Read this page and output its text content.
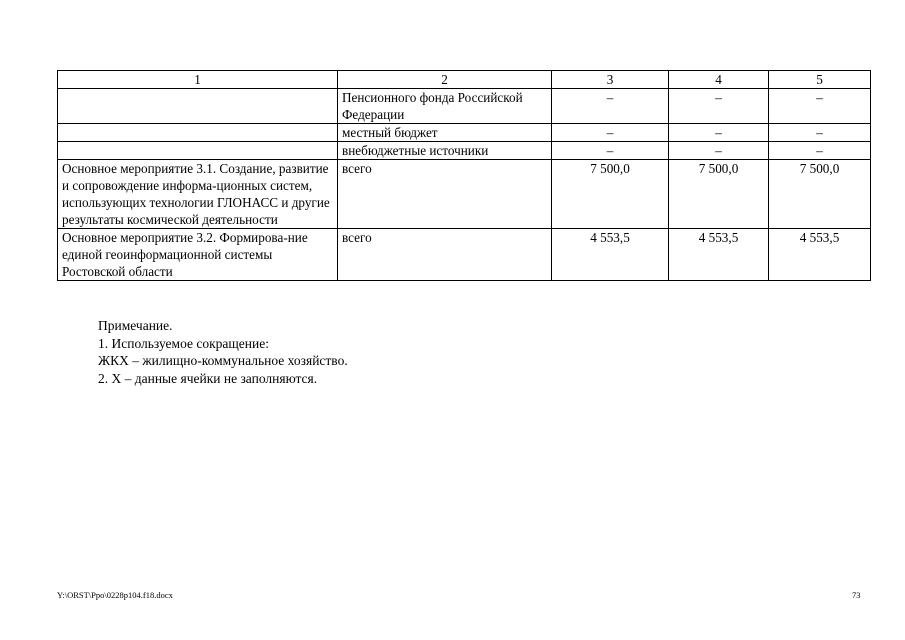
1	2	3	4	5
	Пенсионного фонда Российской Федерации	–	–	–
	местный бюджет	–	–	–
	внебюджетные источники	–	–	–
Основное мероприятие 3.1. Создание, развитие и сопровождение информа-ционных систем, использующих технологии ГЛОНАСС и другие результаты космической деятельности	всего	7 500,0	7 500,0	7 500,0
Основное мероприятие 3.2. Формирова-ние единой геоинформационной системы Ростовской области	всего	4 553,5	4 553,5	4 553,5
Примечание.
1. Используемое сокращение:
ЖКХ – жилищно-коммунальное хозяйство.
2. Х – данные ячейки не заполняются.
Y:\ORST\Ppo\0228p104.f18.docx	73
